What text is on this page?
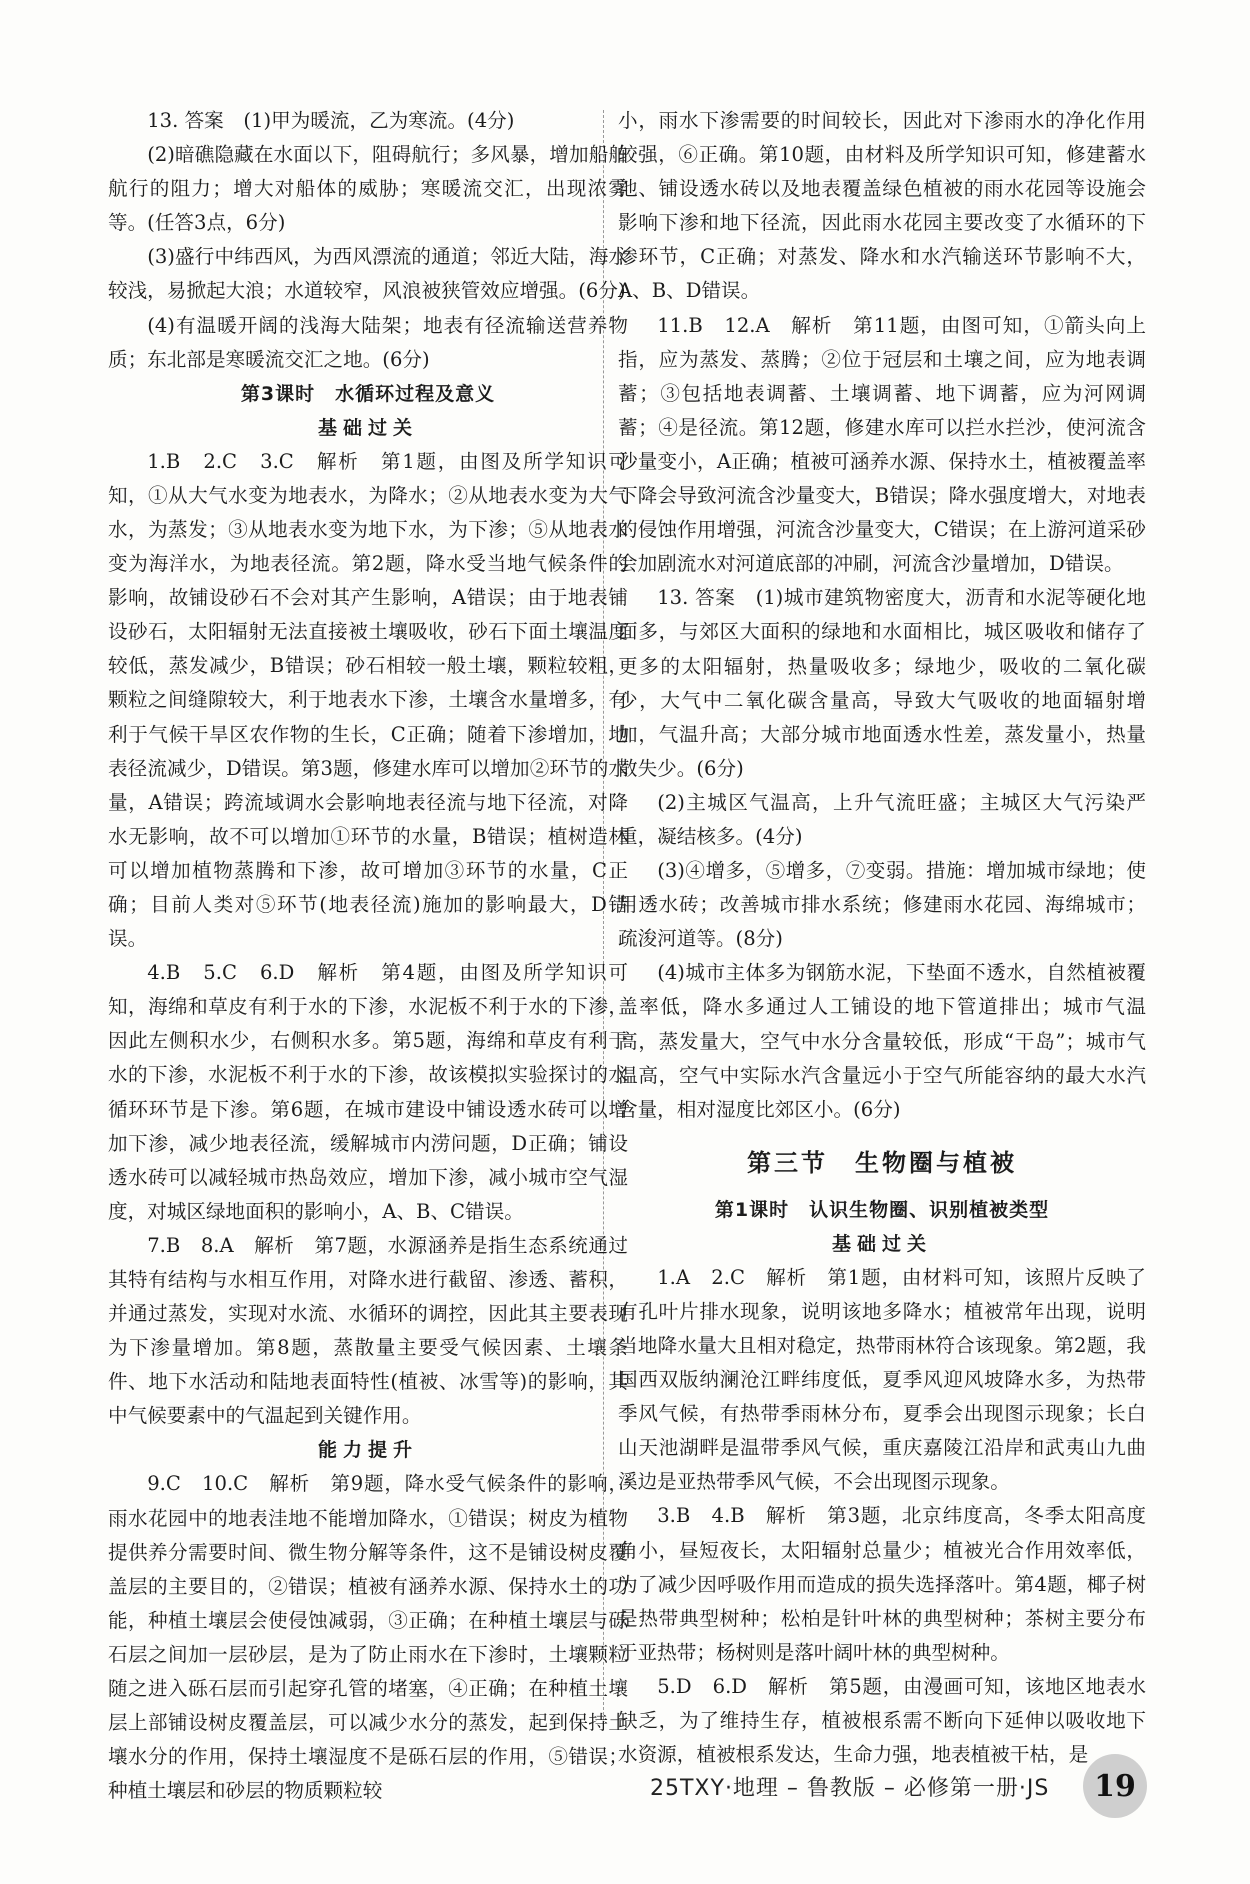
13. 答案　(1)甲为暖流，乙为寒流。(4分)

(2)暗礁隐藏在水面以下，阻碍航行；多风暴，增加船舶航行的阻力；增大对船体的威胁；寒暖流交汇，出现浓雾等。(任答3点，6分)

(3)盛行中纬西风，为西风漂流的通道；邻近大陆，海水较浅，易掀起大浪；水道较窄，风浪被狭管效应增强。(6分)

(4)有温暖开阔的浅海大陆架；地表有径流输送营养物质；东北部是寒暖流交汇之地。(6分)

第3课时　水循环过程及意义

基础过关

1.B　2.C　3.C　解析　第1题，由图及所学知识可知，①从大气水变为地表水，为降水；②从地表水变为大气水，为蒸发；③从地表水变为地下水，为下渗；⑤从地表水变为海洋水，为地表径流。第2题，降水受当地气候条件的影响，故铺设砂石不会对其产生影响，A错误；由于地表铺设砂石，太阳辐射无法直接被土壤吸收，砂石下面土壤温度较低，蒸发减少，B错误；砂石相较一般土壤，颗粒较粗，颗粒之间缝隙较大，利于地表水下渗，土壤含水量增多，有利于气候干旱区农作物的生长，C正确；随着下渗增加，地表径流减少，D错误。第3题，修建水库可以增加②环节的水量，A错误；跨流域调水会影响地表径流与地下径流，对降水无影响，故不可以增加①环节的水量，B错误；植树造林可以增加植物蒸腾和下渗，故可增加③环节的水量，C正确；目前人类对⑤环节(地表径流)施加的影响最大，D错误。

4.B　5.C　6.D　解析　第4题，由图及所学知识可知，海绵和草皮有利于水的下渗，水泥板不利于水的下渗，因此左侧积水少，右侧积水多。第5题，海绵和草皮有利于水的下渗，水泥板不利于水的下渗，故该模拟实验探讨的水循环环节是下渗。第6题，在城市建设中铺设透水砖可以增加下渗，减少地表径流，缓解城市内涝问题，D正确；铺设透水砖可以减轻城市热岛效应，增加下渗，减小城市空气湿度，对城区绿地面积的影响小，A、B、C错误。

7.B　8.A　解析　第7题，水源涵养是指生态系统通过其特有结构与水相互作用，对降水进行截留、渗透、蓄积，并通过蒸发，实现对水流、水循环的调控，因此其主要表现为下渗量增加。第8题，蒸散量主要受气候因素、土壤条件、地下水活动和陆地表面特性(植被、冰雪等)的影响，其中气候要素中的气温起到关键作用。

能力提升

9.C　10.C　解析　第9题，降水受气候条件的影响，雨水花园中的地表洼地不能增加降水，①错误；树皮为植物提供养分需要时间、微生物分解等条件，这不是铺设树皮覆盖层的主要目的，②错误；植被有涵养水源、保持水土的功能，种植土壤层会使侵蚀减弱，③正确；在种植土壤层与砾石层之间加一层砂层，是为了防止雨水在下渗时，土壤颗粒随之进入砾石层而引起穿孔管的堵塞，④正确；在种植土壤层上部铺设树皮覆盖层，可以减少水分的蒸发，起到保持土壤水分的作用，保持土壤湿度不是砾石层的作用，⑤错误；种植土壤层和砂层的物质颗粒较

小，雨水下渗需要的时间较长，因此对下渗雨水的净化作用较强，⑥正确。第10题，由材料及所学知识可知，修建蓄水池、铺设透水砖以及地表覆盖绿色植被的雨水花园等设施会影响下渗和地下径流，因此雨水花园主要改变了水循环的下渗环节，C正确；对蒸发、降水和水汽输送环节影响不大，A、B、D错误。

11.B　12.A　解析　第11题，由图可知，①箭头向上指，应为蒸发、蒸腾；②位于冠层和土壤之间，应为地表调蓄；③包括地表调蓄、土壤调蓄、地下调蓄，应为河网调蓄；④是径流。第12题，修建水库可以拦水拦沙，使河流含沙量变小，A正确；植被可涵养水源、保持水土，植被覆盖率下降会导致河流含沙量变大，B错误；降水强度增大，对地表的侵蚀作用增强，河流含沙量变大，C错误；在上游河道采砂会加剧流水对河道底部的冲刷，河流含沙量增加，D错误。

13. 答案　(1)城市建筑物密度大，沥青和水泥等硬化地面多，与郊区大面积的绿地和水面相比，城区吸收和储存了更多的太阳辐射，热量吸收多；绿地少，吸收的二氧化碳少，大气中二氧化碳含量高，导致大气吸收的地面辐射增加，气温升高；大部分城市地面透水性差，蒸发量小，热量散失少。(6分)

(2)主城区气温高，上升气流旺盛；主城区大气污染严重，凝结核多。(4分)

(3)④增多，⑤增多，⑦变弱。措施：增加城市绿地；使用透水砖；改善城市排水系统；修建雨水花园、海绵城市；疏浚河道等。(8分)

(4)城市主体多为钢筋水泥，下垫面不透水，自然植被覆盖率低，降水多通过人工铺设的地下管道排出；城市气温高，蒸发量大，空气中水分含量较低，形成“干岛”；城市气温高，空气中实际水汽含量远小于空气所能容纳的最大水汽含量，相对湿度比郊区小。(6分)

第三节　生物圈与植被

第1课时　认识生物圈、识别植被类型

基础过关

1.A　2.C　解析　第1题，由材料可知，该照片反映了有孔叶片排水现象，说明该地多降水；植被常年出现，说明当地降水量大且相对稳定，热带雨林符合该现象。第2题，我国西双版纳澜沧江畔纬度低，夏季风迎风坡降水多，为热带季风气候，有热带季雨林分布，夏季会出现图示现象；长白山天池湖畔是温带季风气候，重庆嘉陵江沿岸和武夷山九曲溪边是亚热带季风气候，不会出现图示现象。

3.B　4.B　解析　第3题，北京纬度高，冬季太阳高度角小，昼短夜长，太阳辐射总量少；植被光合作用效率低，为了减少因呼吸作用而造成的损失选择落叶。第4题，椰子树是热带典型树种；松柏是针叶林的典型树种；茶树主要分布于亚热带；杨树则是落叶阔叶林的典型树种。

5.D　6.D　解析　第5题，由漫画可知，该地区地表水缺乏，为了维持生存，植被根系需不断向下延伸以吸收地下水资源，植被根系发达，生命力强，地表植被干枯，是

25TXY·地理 – 鲁教版 – 必修第一册·JS	19
